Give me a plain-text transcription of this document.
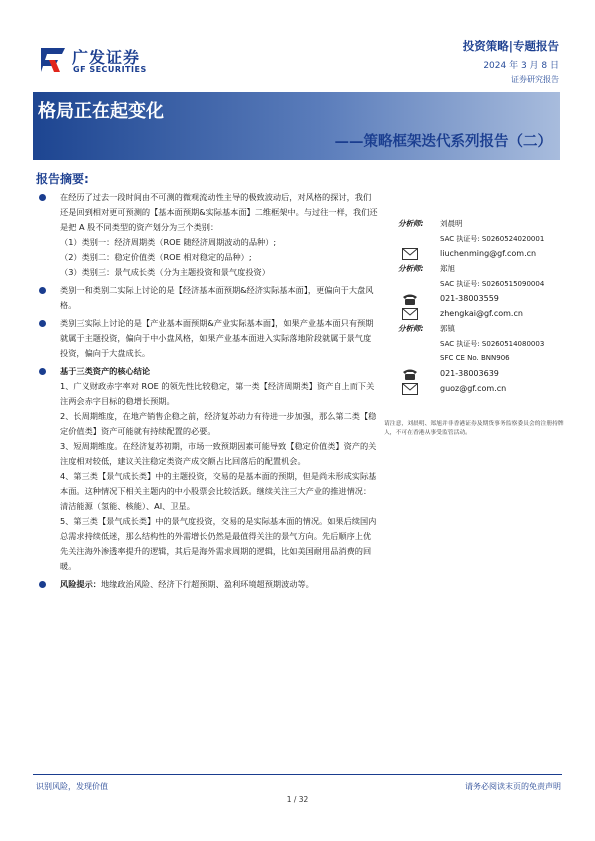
广发证券
GF SECURITIES
投资策略|专题报告
2024 年 3 月 8 日
证券研究报告
格局正在起变化
——策略框架迭代系列报告（二）
报告摘要:

在经历了过去一段时间由不可测的微观流动性主导的极致波动后，对风格的探讨，我们还是回到相对更可预测的【基本面预期&实际基本面】二维框架中。与过往一样，我们还是把 A 股不同类型的资产划分为三个类别：

（1）类别一：经济周期类（ROE 随经济周期波动的品种）;

（2）类别二：稳定价值类（ROE 相对稳定的品种）;

（3）类别三：景气成长类（分为主题投资和景气度投资）

类别一和类别二实际上讨论的是【经济基本面预期&经济实际基本面】，更偏向于大盘风格。

类别三实际上讨论的是【产业基本面预期&产业实际基本面】，如果产业基本面只有预期就属于主题投资，偏向于中小盘风格，如果产业基本面进入实际落地阶段就属于景气度投资，偏向于大盘成长。

基于三类资产的核心结论

1、广义财政赤字率对 ROE 的领先性比较稳定，第一类【经济周期类】资产自上而下关注两会赤字目标的稳增长预期。

2、长周期维度，在地产销售企稳之前，经济复苏动力有待进一步加强，那么第二类【稳定价值类】资产可能就有持续配置的必要。

3、短周期维度。在经济复苏初期，市场一致预期因素可能导致【稳定价值类】资产的关注度相对较低，建议关注稳定类资产成交额占比回落后的配置机会。

4、第三类【景气成长类】中的主题投资，交易的是基本面的预期，但是尚未形成实际基本面。这种情况下相关主题内的中小股票会比较活跃。继续关注三大产业的推进情况：清洁能源（氢能、核能）、AI、卫星。

5、第三类【景气成长类】中的景气度投资，交易的是实际基本面的情况。如果后续国内总需求持续低迷，那么结构性的外需增长仍然是最值得关注的景气方向。先后顺序上优先关注海外渗透率提升的逻辑，其后是海外需求周期的逻辑，比如美国耐用品消费的回暖。

风险提示：地缘政治风险、经济下行超预期、盈利环境超预期波动等。

分析师: 刘晨明
SAC 执证号: S0260524020001
liuchenming@gf.com.cn
分析师: 郑旭
SAC 执证号: S0260515090004
021-38003559
zhengkai@gf.com.cn
分析师: 郭镇
SAC 执证号: S0260514080003
SFC CE No. BNN906
021-38003639
guoz@gf.com.cn
请注意，刘晨明、郑旭并非香港证券及期货事务监察委员会的注册持牌人，不可在香港从事受监管活动。
识别风险，发现价值	请务必阅读末页的免责声明
1 / 32
